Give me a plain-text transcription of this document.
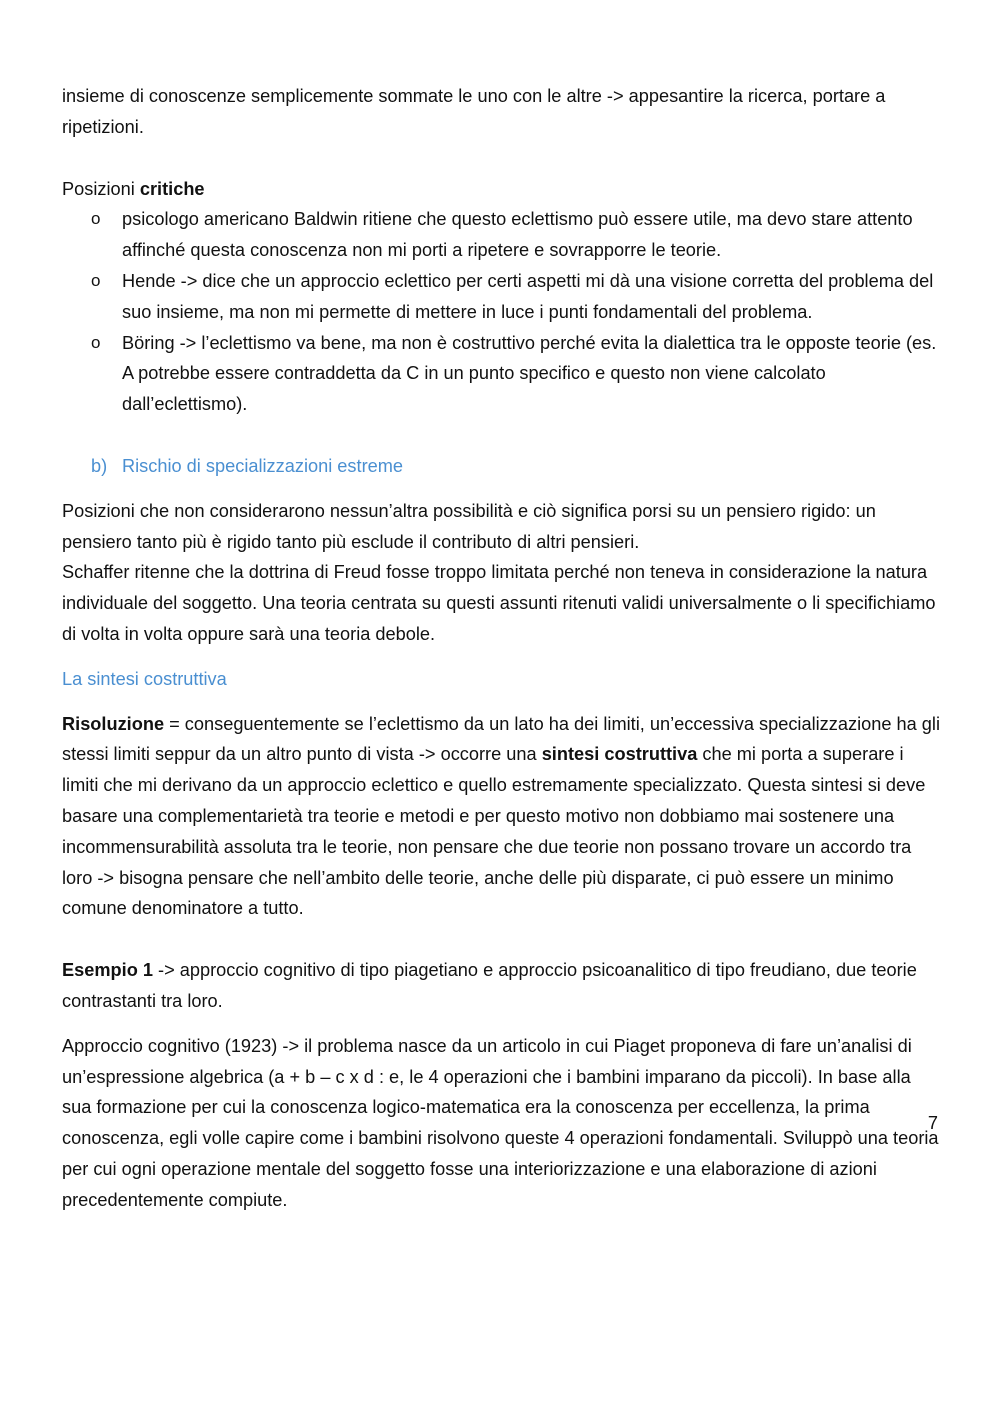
insieme di conoscenze semplicemente sommate le uno con le altre -> appesantire la ricerca, portare a ripetizioni.

Posizioni critiche

o psicologo americano Baldwin ritiene che questo eclettismo può essere utile, ma devo stare attento affinché questa conoscenza non mi porti a ripetere e sovrapporre le teorie.
o Hende -> dice che un approccio eclettico per certi aspetti mi dà una visione corretta del problema del suo insieme, ma non mi permette di mettere in luce i punti fondamentali del problema.
o Böring -> l’eclettismo va bene, ma non è costruttivo perché evita la dialettica tra le opposte teorie (es. A potrebbe essere contraddetta da C in un punto specifico e questo non viene calcolato dall’eclettismo).

b) Rischio di specializzazioni estreme

Posizioni che non considerarono nessun’altra possibilità e ciò significa porsi su un pensiero rigido: un pensiero tanto più è rigido tanto più esclude il contributo di altri pensieri.

Schaffer ritenne che la dottrina di Freud fosse troppo limitata perché non teneva in considerazione la natura individuale del soggetto. Una teoria centrata su questi assunti ritenuti validi universalmente o li specifichiamo di volta in volta oppure sarà una teoria debole.

La sintesi costruttiva

Risoluzione = conseguentemente se l’eclettismo da un lato ha dei limiti, un’eccessiva specializzazione ha gli stessi limiti seppur da un altro punto di vista -> occorre una sintesi costruttiva che mi porta a superare i limiti che mi derivano da un approccio eclettico e quello estremamente specializzato. Questa sintesi si deve basare una complementarietà tra teorie e metodi e per questo motivo non dobbiamo mai sostenere una incommensurabilità assoluta tra le teorie, non pensare che due teorie non possano trovare un accordo tra loro -> bisogna pensare che nell’ambito delle teorie, anche delle più disparate, ci può essere un minimo comune denominatore a tutto.

Esempio 1 -> approccio cognitivo di tipo piagetiano e approccio psicoanalitico di tipo freudiano, due teorie contrastanti tra loro.

Approccio cognitivo (1923) -> il problema nasce da un articolo in cui Piaget proponeva di fare un’analisi di un’espressione algebrica (a + b – c x d : e, le 4 operazioni che i bambini imparano da piccoli). In base alla sua formazione per cui la conoscenza logico-matematica era la conoscenza per eccellenza, la prima conoscenza, egli volle capire come i bambini risolvono queste 4 operazioni fondamentali. Sviluppò una teoria per cui ogni operazione mentale del soggetto fosse una interiorizzazione e una elaborazione di azioni precedentemente compiute.

7
